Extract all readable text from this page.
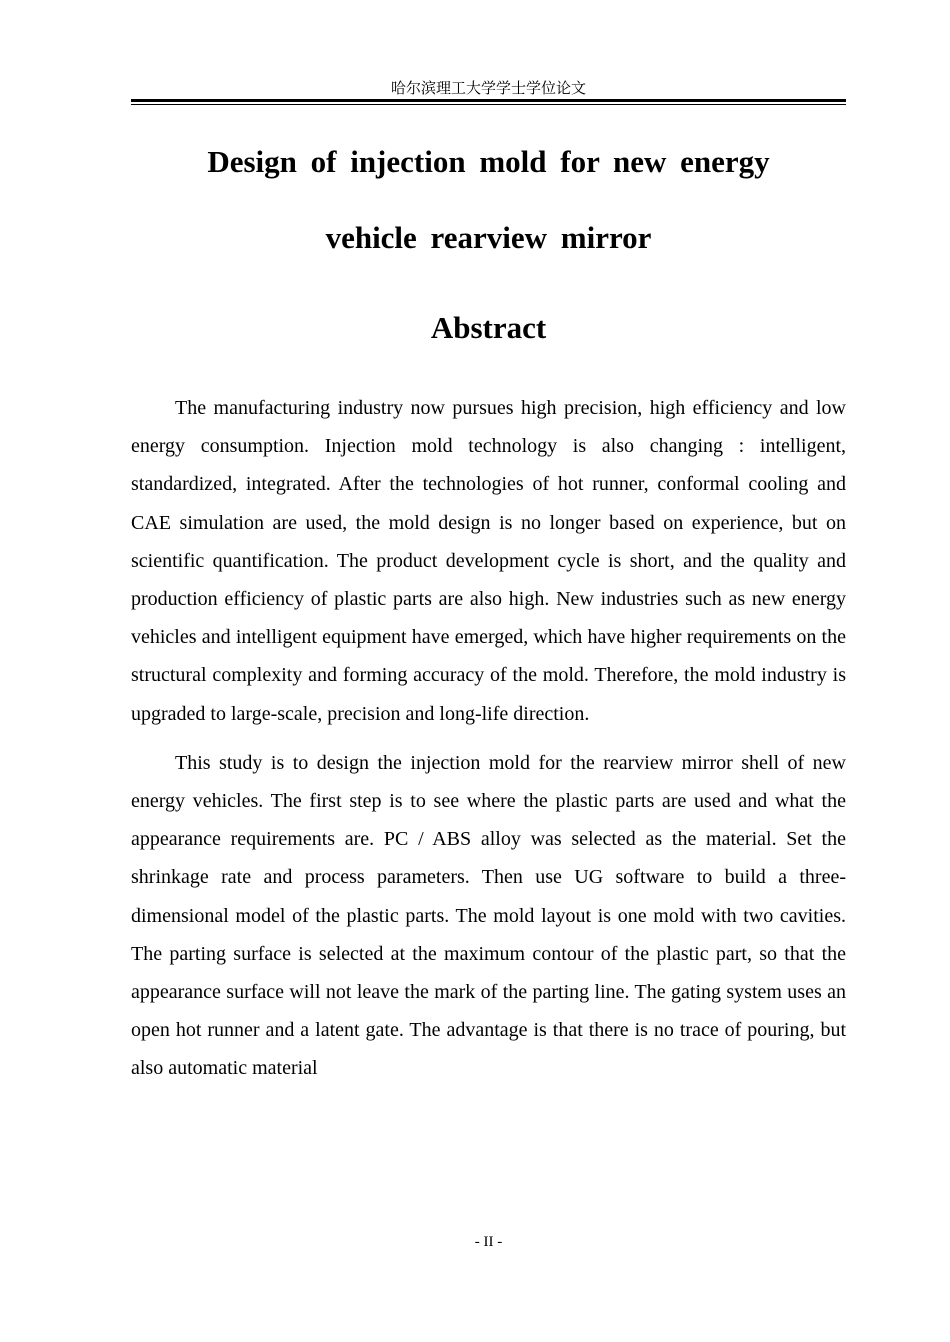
哈尔滨理工大学学士学位论文
Design of injection mold for new energy
vehicle rearview mirror
Abstract

The manufacturing industry now pursues high precision, high efficiency and low energy consumption. Injection mold technology is also changing : intelligent, standardized, integrated. After the technologies of hot runner, conformal cooling and CAE simulation are used, the mold design is no longer based on experience, but on scientific quantification. The product development cycle is short, and the quality and production efficiency of plastic parts are also high. New industries such as new energy vehicles and intelligent equipment have emerged, which have higher requirements on the structural complexity and forming accuracy of the mold. Therefore, the mold industry is upgraded to large-scale, precision and long-life direction.

This study is to design the injection mold for the rearview mirror shell of new energy vehicles. The first step is to see where the plastic parts are used and what the appearance requirements are. PC / ABS alloy was selected as the material. Set the shrinkage rate and process parameters. Then use UG software to build a three-dimensional model of the plastic parts. The mold layout is one mold with two cavities. The parting surface is selected at the maximum contour of the plastic part, so that the appearance surface will not leave the mark of the parting line. The gating system uses an open hot runner and a latent gate. The advantage is that there is no trace of pouring, but also automatic material

- II -
